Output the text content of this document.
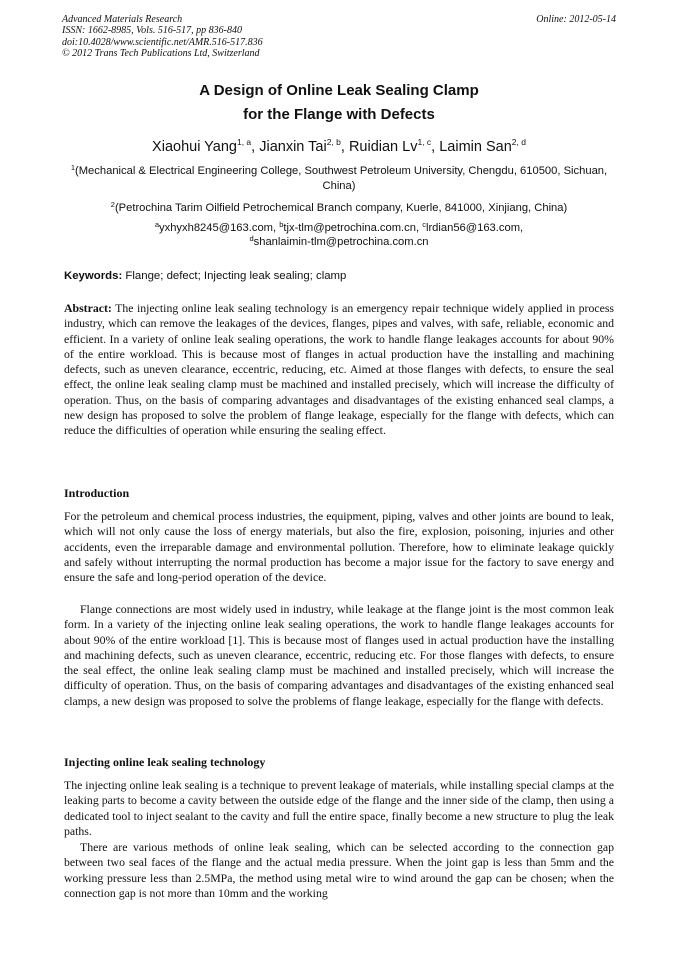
Advanced Materials Research
ISSN: 1662-8985, Vols. 516-517, pp 836-840
doi:10.4028/www.scientific.net/AMR.516-517.836
© 2012 Trans Tech Publications Ltd, Switzerland
Online: 2012-05-14
A Design of Online Leak Sealing Clamp
for the Flange with Defects
Xiaohui Yang$^{1, a}$, Jianxin Tai$^{2, b}$, Ruidian Lv$^{1, c}$, Laimin San$^{2, d}$
$^1$(Mechanical & Electrical Engineering College, Southwest Petroleum University, Chengdu, 610500, Sichuan, China)
$^2$(Petrochina Tarim Oilfield Petrochemical Branch company, Kuerle, 841000, Xinjiang, China)
$^a$yxhyxh8245@163.com, $^b$tjx-tlm@petrochina.com.cn, $^c$lrdian56@163.com,
$^d$shanlaimin-tlm@petrochina.com.cn
Keywords: Flange; defect; Injecting leak sealing; clamp
Abstract: The injecting online leak sealing technology is an emergency repair technique widely applied in process industry, which can remove the leakages of the devices, flanges, pipes and valves, with safe, reliable, economic and efficient. In a variety of online leak sealing operations, the work to handle flange leakages accounts for about 90% of the entire workload. This is because most of flanges in actual production have the installing and machining defects, such as uneven clearance, eccentric, reducing, etc. Aimed at those flanges with defects, to ensure the seal effect, the online leak sealing clamp must be machined and installed precisely, which will increase the difficulty of operation. Thus, on the basis of comparing advantages and disadvantages of the existing enhanced seal clamps, a new design has proposed to solve the problem of flange leakage, especially for the flange with defects, which can reduce the difficulties of operation while ensuring the sealing effect.
Introduction
For the petroleum and chemical process industries, the equipment, piping, valves and other joints are bound to leak, which will not only cause the loss of energy materials, but also the fire, explosion, poisoning, injuries and other accidents, even the irreparable damage and environmental pollution. Therefore, how to eliminate leakage quickly and safely without interrupting the normal production has become a major issue for the factory to save energy and ensure the safe and long-period operation of the device.
Flange connections are most widely used in industry, while leakage at the flange joint is the most common leak form. In a variety of the injecting online leak sealing operations, the work to handle flange leakages accounts for about 90% of the entire workload [1]. This is because most of flanges used in actual production have the installing and machining defects, such as uneven clearance, eccentric, reducing etc. For those flanges with defects, to ensure the seal effect, the online leak sealing clamp must be machined and installed precisely, which will increase the difficulty of operation. Thus, on the basis of comparing advantages and disadvantages of the existing enhanced seal clamps, a new design was proposed to solve the problems of flange leakage, especially for the flange with defects.
Injecting online leak sealing technology
The injecting online leak sealing is a technique to prevent leakage of materials, while installing special clamps at the leaking parts to become a cavity between the outside edge of the flange and the inner side of the clamp, then using a dedicated tool to inject sealant to the cavity and full the entire space, finally become a new structure to plug the leak paths.
There are various methods of online leak sealing, which can be selected according to the connection gap between two seal faces of the flange and the actual media pressure. When the joint gap is less than 5mm and the working pressure less than 2.5MPa, the method using metal wire to wind around the gap can be chosen; when the connection gap is not more than 10mm and the working
